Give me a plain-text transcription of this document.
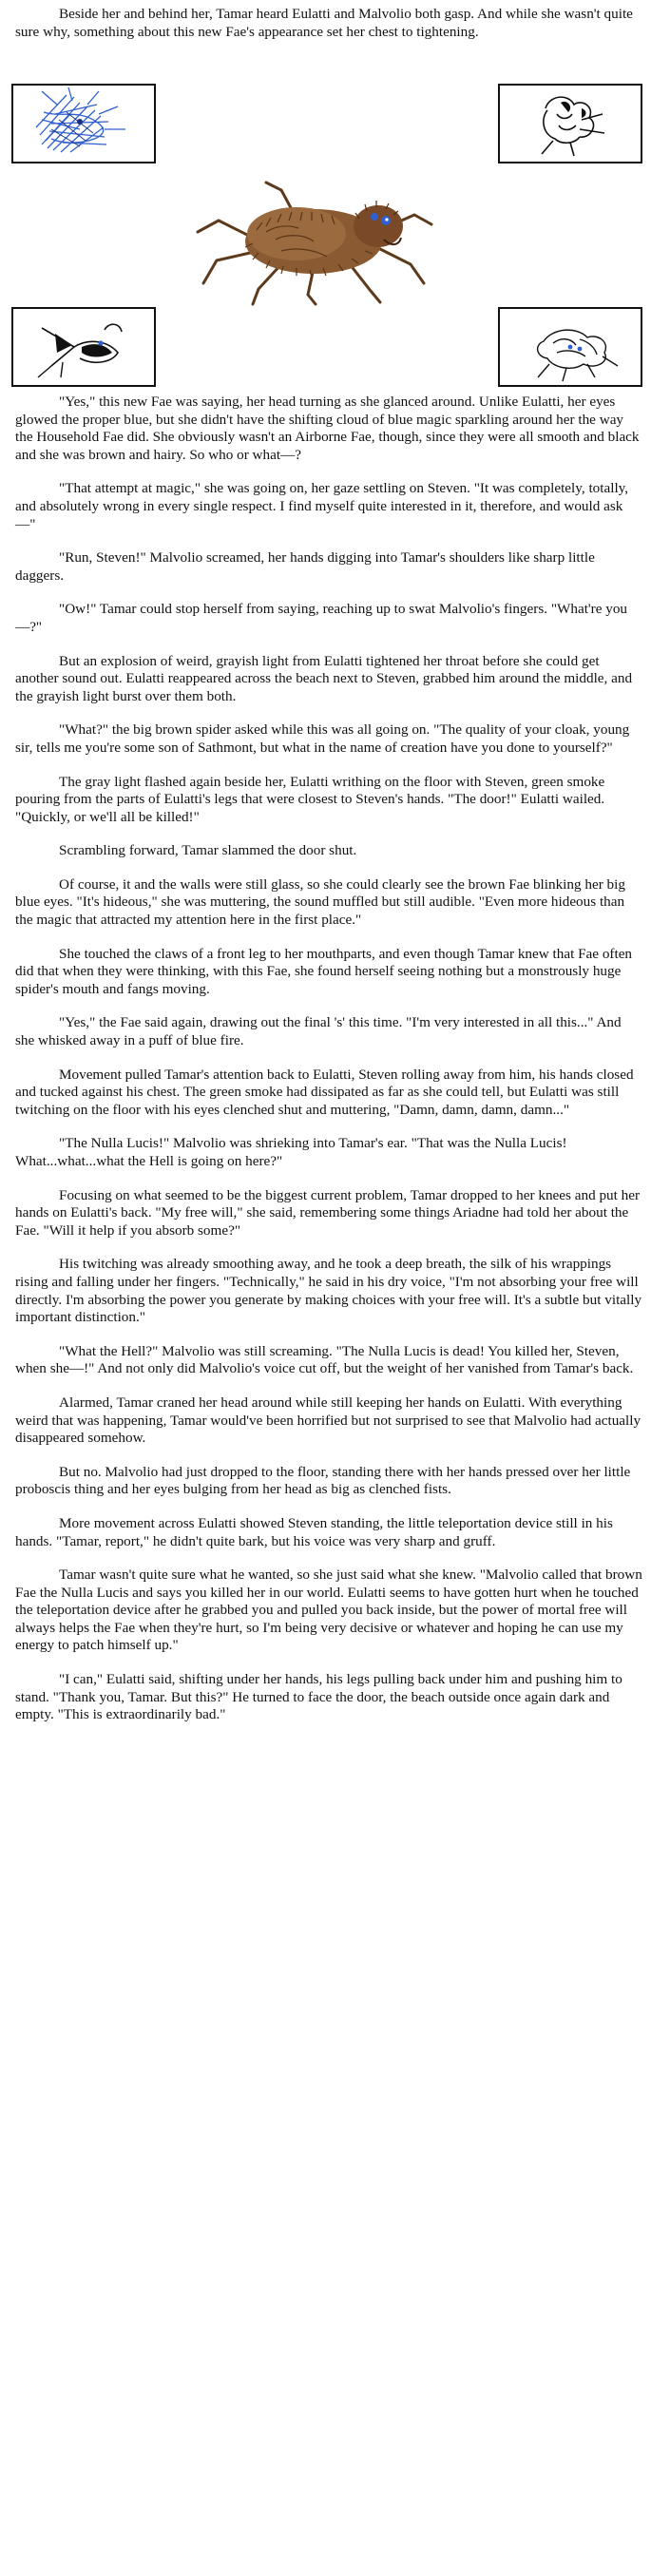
Beside her and behind her, Tamar heard Eulatti and Malvolio both gasp. And while she wasn't quite sure why, something about this new Fae's appearance set her chest to tightening.

"Yes," this new Fae was saying, her head turning as she glanced around. Unlike Eulatti, her eyes glowed the proper blue, but she didn't have the shifting cloud of blue magic sparkling around her the way the Household Fae did. She obviously wasn't an Airborne Fae, though, since they were all smooth and black and she was brown and hairy. So who or what—?

"That attempt at magic," she was going on, her gaze settling on Steven. "It was completely, totally, and absolutely wrong in every single respect. I find myself quite interested in it, therefore, and would ask—"

"Run, Steven!" Malvolio screamed, her hands digging into Tamar's shoulders like sharp little daggers.

"Ow!" Tamar could stop herself from saying, reaching up to swat Malvolio's fingers. "What're you—?"

But an explosion of weird, grayish light from Eulatti tightened her throat before she could get another sound out. Eulatti reappeared across the beach next to Steven, grabbed him around the middle, and the grayish light burst over them both.

"What?" the big brown spider asked while this was all going on. "The quality of your cloak, young sir, tells me you're some son of Sathmont, but what in the name of creation have you done to yourself?"

The gray light flashed again beside her, Eulatti writhing on the floor with Steven, green smoke pouring from the parts of Eulatti's legs that were closest to Steven's hands. "The door!" Eulatti wailed. "Quickly, or we'll all be killed!"

Scrambling forward, Tamar slammed the door shut.

Of course, it and the walls were still glass, so she could clearly see the brown Fae blinking her big blue eyes. "It's hideous," she was muttering, the sound muffled but still audible. "Even more hideous than the magic that attracted my attention here in the first place."

She touched the claws of a front leg to her mouthparts, and even though Tamar knew that Fae often did that when they were thinking, with this Fae, she found herself seeing nothing but a monstrously huge spider's mouth and fangs moving.

"Yes," the Fae said again, drawing out the final 's' this time. "I'm very interested in all this..." And she whisked away in a puff of blue fire.

Movement pulled Tamar's attention back to Eulatti, Steven rolling away from him, his hands closed and tucked against his chest. The green smoke had dissipated as far as she could tell, but Eulatti was still twitching on the floor with his eyes clenched shut and muttering, "Damn, damn, damn, damn..."

"The Nulla Lucis!" Malvolio was shrieking into Tamar's ear. "That was the Nulla Lucis! What...what...what the Hell is going on here?"

Focusing on what seemed to be the biggest current problem, Tamar dropped to her knees and put her hands on Eulatti's back. "My free will," she said, remembering some things Ariadne had told her about the Fae. "Will it help if you absorb some?"

His twitching was already smoothing away, and he took a deep breath, the silk of his wrappings rising and falling under her fingers. "Technically," he said in his dry voice, "I'm not absorbing your free will directly. I'm absorbing the power you generate by making choices with your free will. It's a subtle but vitally important distinction."

"What the Hell?" Malvolio was still screaming. "The Nulla Lucis is dead! You killed her, Steven, when she—!" And not only did Malvolio's voice cut off, but the weight of her vanished from Tamar's back.

Alarmed, Tamar craned her head around while still keeping her hands on Eulatti. With everything weird that was happening, Tamar would've been horrified but not surprised to see that Malvolio had actually disappeared somehow.

But no. Malvolio had just dropped to the floor, standing there with her hands pressed over her little proboscis thing and her eyes bulging from her head as big as clenched fists.

More movement across Eulatti showed Steven standing, the little teleportation device still in his hands. "Tamar, report," he didn't quite bark, but his voice was very sharp and gruff.

Tamar wasn't quite sure what he wanted, so she just said what she knew. "Malvolio called that brown Fae the Nulla Lucis and says you killed her in our world. Eulatti seems to have gotten hurt when he touched the teleportation device after he grabbed you and pulled you back inside, but the power of mortal free will always helps the Fae when they're hurt, so I'm being very decisive or whatever and hoping he can use my energy to patch himself up."

"I can," Eulatti said, shifting under her hands, his legs pulling back under him and pushing him to stand. "Thank you, Tamar. But this?" He turned to face the door, the beach outside once again dark and empty. "This is extraordinarily bad."
